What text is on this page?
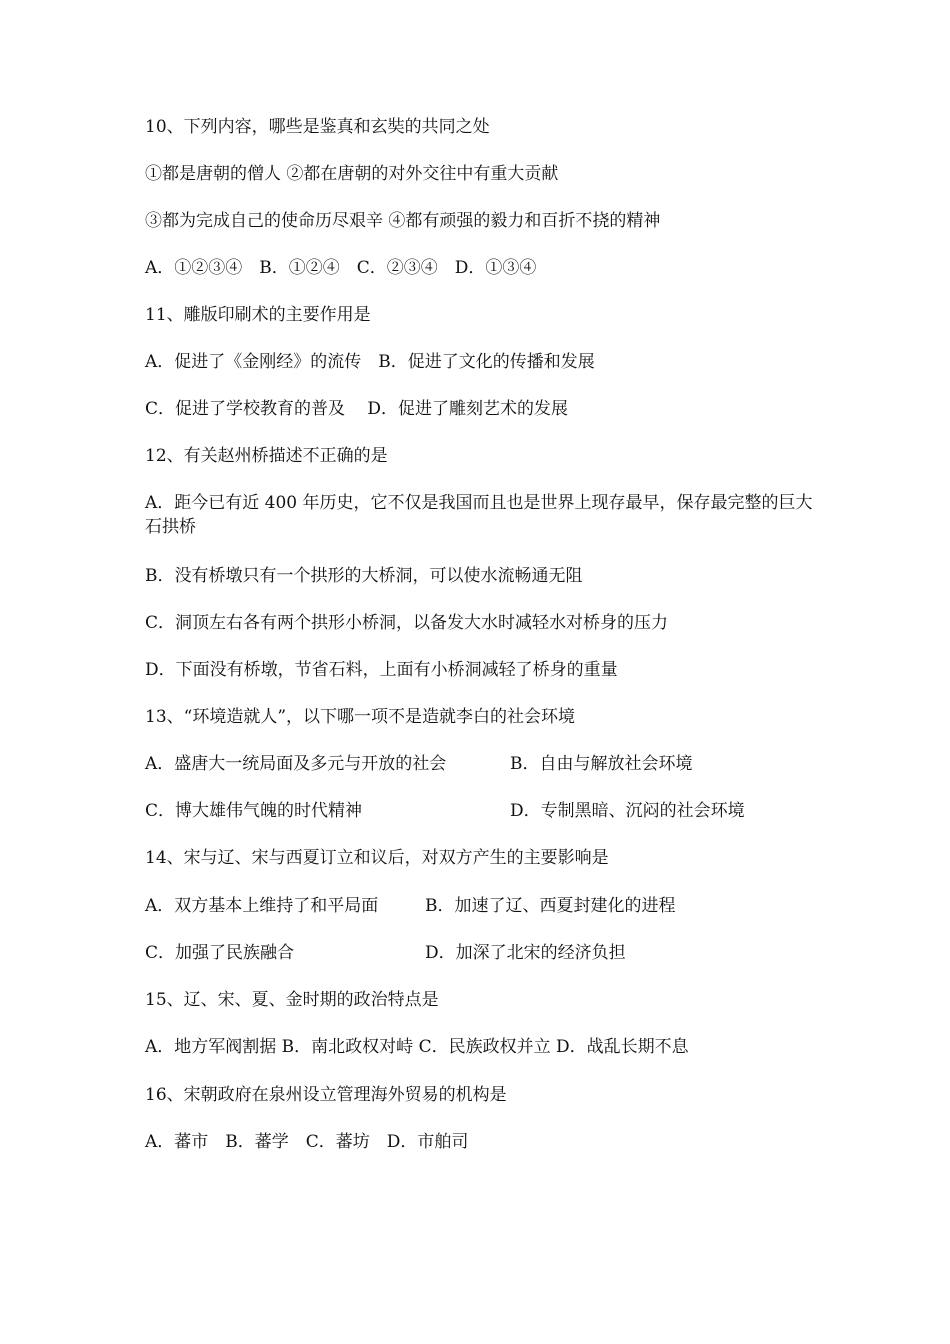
10、下列内容，哪些是鉴真和玄奘的共同之处
①都是唐朝的僧人 ②都在唐朝的对外交往中有重大贡献
③都为完成自己的使命历尽艰辛 ④都有顽强的毅力和百折不挠的精神
A．①②③④　B．①②④　C．②③④　D．①③④
11、雕版印刷术的主要作用是
A．促进了《金刚经》的流传　B．促进了文化的传播和发展
C．促进了学校教育的普及　 D．促进了雕刻艺术的发展
12、有关赵州桥描述不正确的是
A．距今已有近 400 年历史，它不仅是我国而且也是世界上现存最早，保存最完整的巨大石拱桥
B．没有桥墩只有一个拱形的大桥洞，可以使水流畅通无阻
C．洞顶左右各有两个拱形小桥洞，以备发大水时减轻水对桥身的压力
D．下面没有桥墩，节省石料，上面有小桥洞减轻了桥身的重量
13、“环境造就人”，以下哪一项不是造就李白的社会环境
A．盛唐大一统局面及多元与开放的社会	B．自由与解放社会环境
C．博大雄伟气魄的时代精神	D．专制黑暗、沉闷的社会环境
14、宋与辽、宋与西夏订立和议后，对双方产生的主要影响是
A．双方基本上维持了和平局面	B．加速了辽、西夏封建化的进程
C．加强了民族融合	D．加深了北宋的经济负担
15、辽、宋、夏、金时期的政治特点是
A．地方军阀割据 B．南北政权对峙 C．民族政权并立 D．战乱长期不息
16、宋朝政府在泉州设立管理海外贸易的机构是
A．蕃市　B．蕃学　C．蕃坊　D．市舶司
